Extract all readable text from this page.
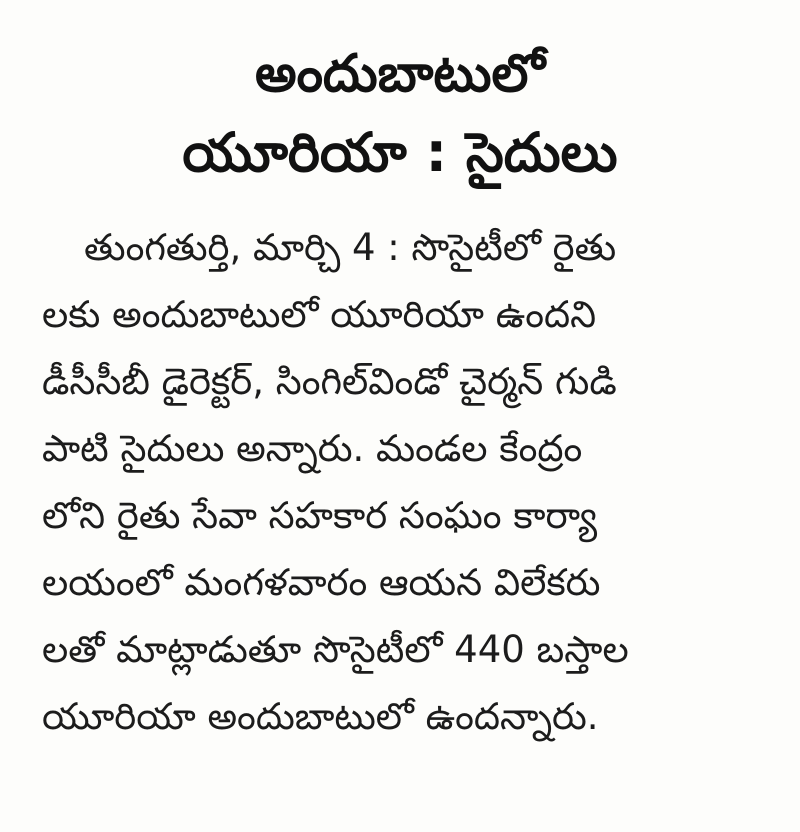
అందుబాటులో
యూరియా : సైదులు
తుంగతుర్తి, మార్చి 4 : సొసైటీలో రైతు
లకు అందుబాటులో యూరియా ఉందని
డీసీసీబీ డైరెక్టర్, సింగిల్‌విండో చైర్మన్ గుడి
పాటి సైదులు అన్నారు. మండల కేంద్రం
లోని రైతు సేవా సహకార సంఘం కార్యా
లయంలో మంగళవారం ఆయన విలేకరు
లతో మాట్లాడుతూ సొసైటీలో 440 బస్తాల
యూరియా అందుబాటులో ఉందన్నారు.
